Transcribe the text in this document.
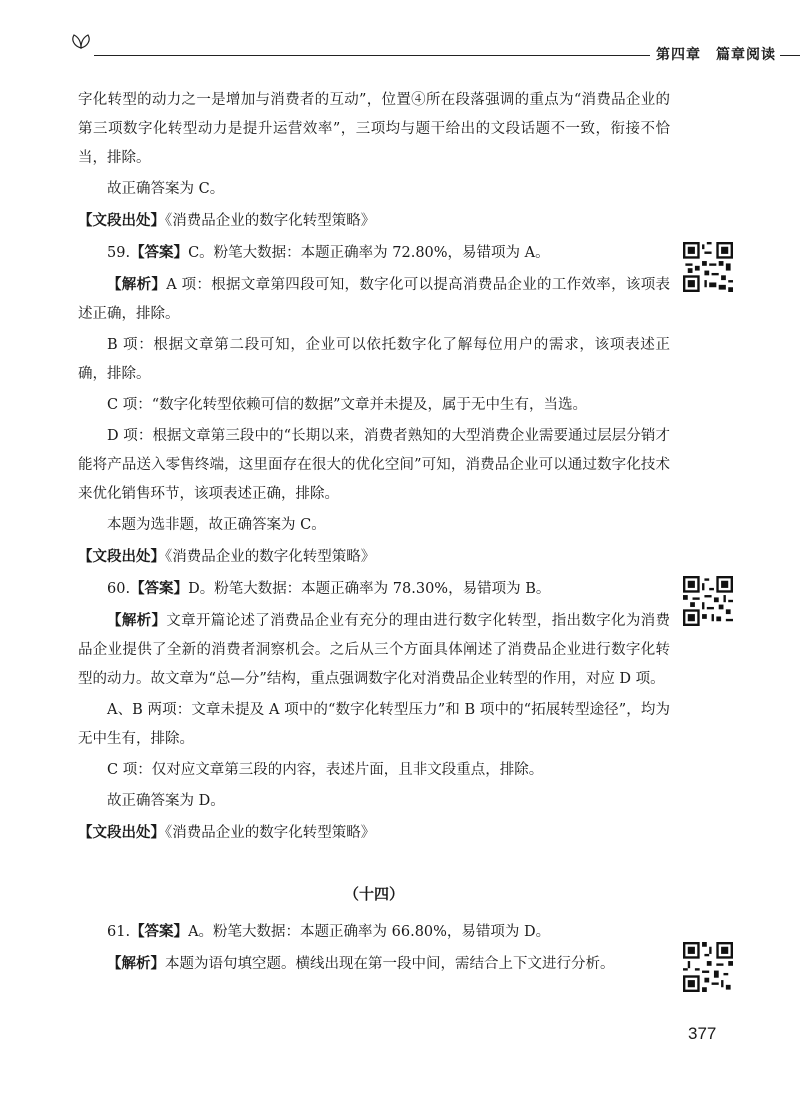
第四章　篇章阅读

字化转型的动力之一是增加与消费者的互动”，位置④所在段落强调的重点为“消费品企业的第三项数字化转型动力是提升运营效率”，三项均与题干给出的文段话题不一致，衔接不恰当，排除。

故正确答案为 C。

【文段出处】《消费品企业的数字化转型策略》

59.【答案】C。粉笔大数据：本题正确率为 72.80%，易错项为 A。

【解析】A 项：根据文章第四段可知，数字化可以提高消费品企业的工作效率，该项表述正确，排除。

B 项：根据文章第二段可知，企业可以依托数字化了解每位用户的需求，该项表述正确，排除。

C 项：“数字化转型依赖可信的数据”文章并未提及，属于无中生有，当选。

D 项：根据文章第三段中的“长期以来，消费者熟知的大型消费企业需要通过层层分销才能将产品送入零售终端，这里面存在很大的优化空间”可知，消费品企业可以通过数字化技术来优化销售环节，该项表述正确，排除。

本题为选非题，故正确答案为 C。

【文段出处】《消费品企业的数字化转型策略》

60.【答案】D。粉笔大数据：本题正确率为 78.30%，易错项为 B。

【解析】文章开篇论述了消费品企业有充分的理由进行数字化转型，指出数字化为消费品企业提供了全新的消费者洞察机会。之后从三个方面具体阐述了消费品企业进行数字化转型的动力。故文章为“总—分”结构，重点强调数字化对消费品企业转型的作用，对应 D 项。

A、B 两项：文章未提及 A 项中的“数字化转型压力”和 B 项中的“拓展转型途径”，均为无中生有，排除。

C 项：仅对应文章第三段的内容，表述片面，且非文段重点，排除。

故正确答案为 D。

【文段出处】《消费品企业的数字化转型策略》

（十四）

61.【答案】A。粉笔大数据：本题正确率为 66.80%，易错项为 D。

【解析】本题为语句填空题。横线出现在第一段中间，需结合上下文进行分析。

377
